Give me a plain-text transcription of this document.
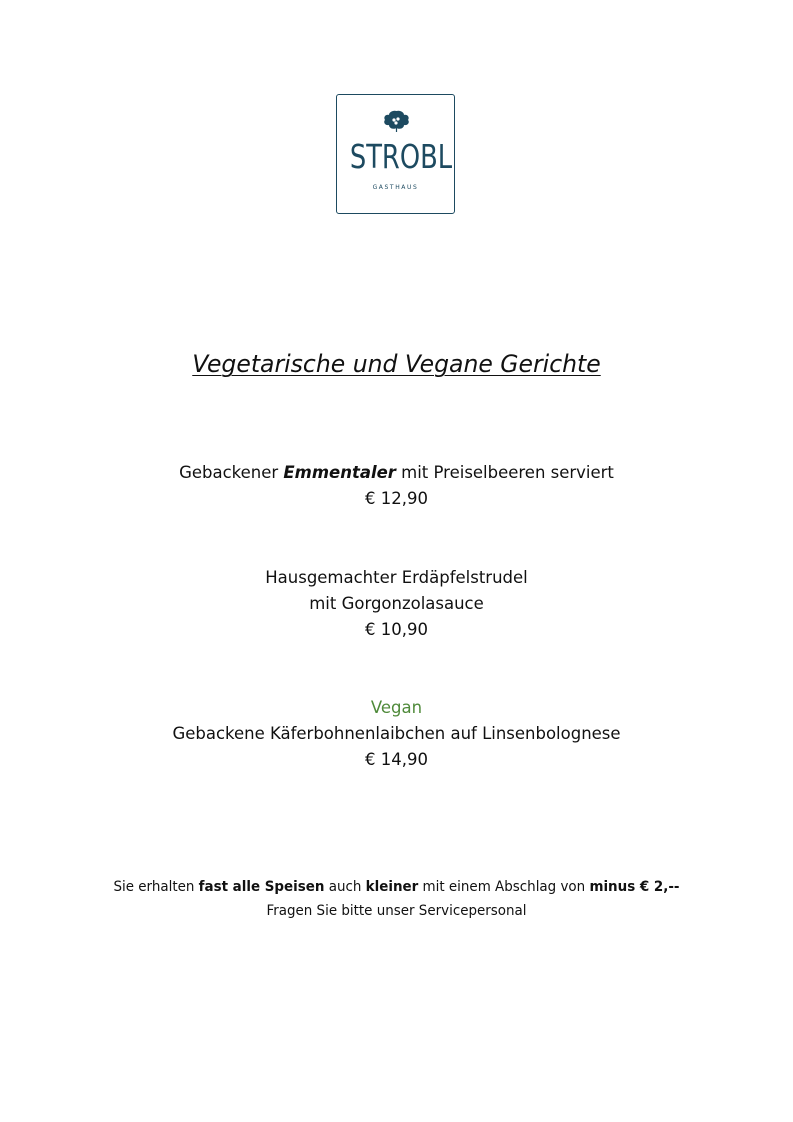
STROBL
GASTHAUS
Vegetarische und Vegane Gerichte
Gebackener Emmentaler mit Preiselbeeren serviert
€ 12,90
Hausgemachter Erdäpfelstrudel
mit Gorgonzolasauce
€ 10,90
Vegan
Gebackene Käferbohnenlaibchen auf Linsenbolognese
€ 14,90
Sie erhalten fast alle Speisen auch kleiner mit einem Abschlag von minus € 2,--
Fragen Sie bitte unser Servicepersonal
